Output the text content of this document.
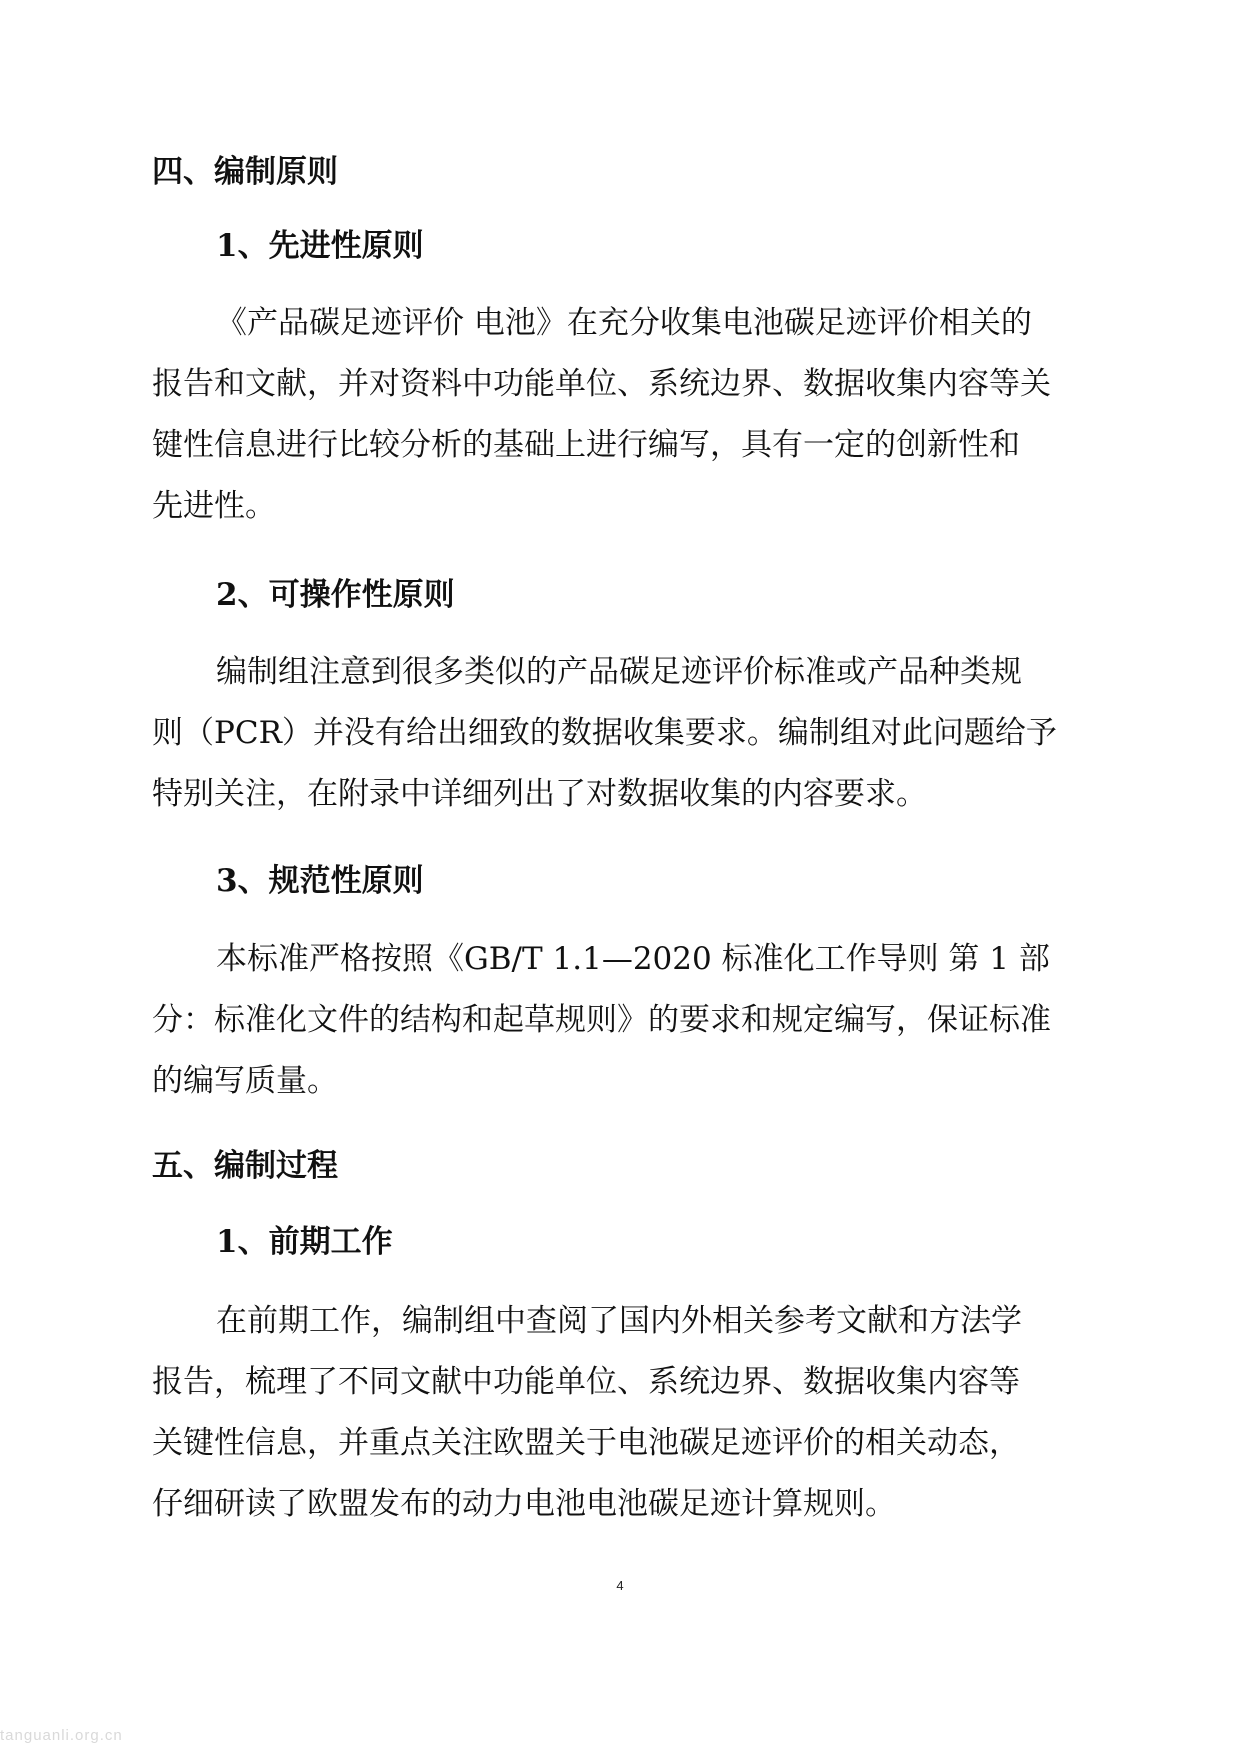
四、编制原则
1、先进性原则
《产品碳足迹评价 电池》在充分收集电池碳足迹评价相关的
报告和文献，并对资料中功能单位、系统边界、数据收集内容等关
键性信息进行比较分析的基础上进行编写，具有一定的创新性和
先进性。
2、可操作性原则
编制组注意到很多类似的产品碳足迹评价标准或产品种类规
则（PCR）并没有给出细致的数据收集要求。编制组对此问题给予
特别关注，在附录中详细列出了对数据收集的内容要求。
3、规范性原则
本标准严格按照《GB/T 1.1—2020 标准化工作导则 第 1 部
分：标准化文件的结构和起草规则》的要求和规定编写，保证标准
的编写质量。
五、编制过程
1、前期工作
在前期工作，编制组中查阅了国内外相关参考文献和方法学
报告，梳理了不同文献中功能单位、系统边界、数据收集内容等
关键性信息，并重点关注欧盟关于电池碳足迹评价的相关动态，
仔细研读了欧盟发布的动力电池电池碳足迹计算规则。
4
tanguanli.org.cn
